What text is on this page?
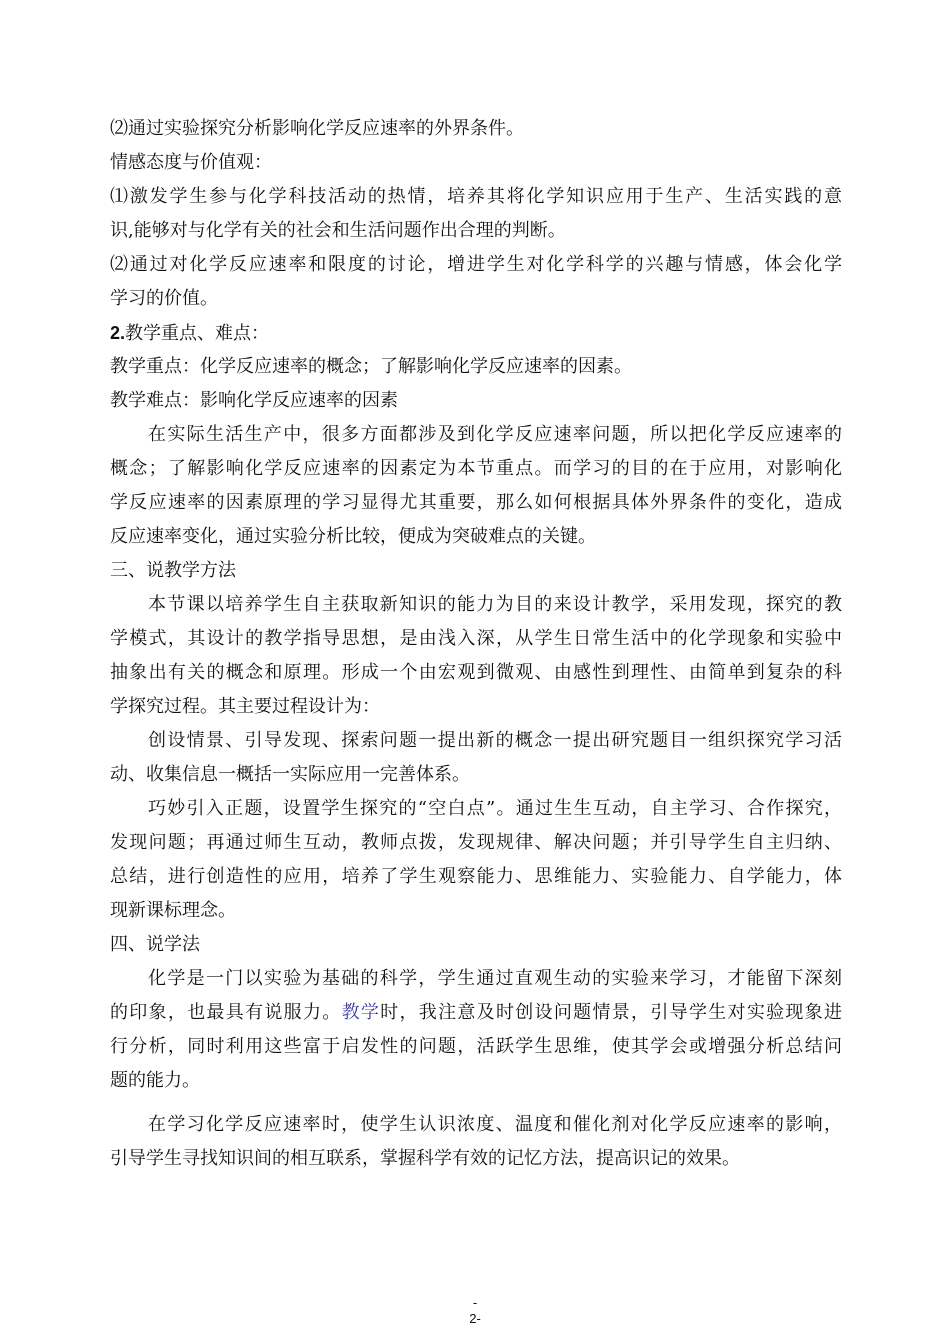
⑵通过实验探究分析影响化学反应速率的外界条件。
情感态度与价值观：
⑴激发学生参与化学科技活动的热情，培养其将化学知识应用于生产、生活实践的意
识,能够对与化学有关的社会和生活问题作出合理的判断。
⑵通过对化学反应速率和限度的讨论，增进学生对化学科学的兴趣与情感，体会化学
学习的价值。
2.教学重点、难点：
教学重点：化学反应速率的概念；了解影响化学反应速率的因素。
教学难点：影响化学反应速率的因素
在实际生活生产中，很多方面都涉及到化学反应速率问题，所以把化学反应速率的
概念；了解影响化学反应速率的因素定为本节重点。而学习的目的在于应用，对影响化
学反应速率的因素原理的学习显得尤其重要，那么如何根据具体外界条件的变化，造成
反应速率变化，通过实验分析比较，便成为突破难点的关键。
三、说教学方法
本节课以培养学生自主获取新知识的能力为目的来设计教学，采用发现，探究的教
学模式，其设计的教学指导思想，是由浅入深，从学生日常生活中的化学现象和实验中
抽象出有关的概念和原理。形成一个由宏观到微观、由感性到理性、由简单到复杂的科
学探究过程。其主要过程设计为：
创设情景、引导发现、探索问题一提出新的概念一提出研究题目一组织探究学习活
动、收集信息一概括一实际应用一完善体系。
巧妙引入正题，设置学生探究的“空白点”。通过生生互动，自主学习、合作探究，
发现问题；再通过师生互动，教师点拨，发现规律、解决问题；并引导学生自主归纳、
总结，进行创造性的应用，培养了学生观察能力、思维能力、实验能力、自学能力，体
现新课标理念。
四、说学法
化学是一门以实验为基础的科学，学生通过直观生动的实验来学习，才能留下深刻
的印象，也最具有说服力。教学时，我注意及时创设问题情景，引导学生对实验现象进
行分析，同时利用这些富于启发性的问题，活跃学生思维，使其学会或增强分析总结问
题的能力。
在学习化学反应速率时，使学生认识浓度、温度和催化剂对化学反应速率的影响，
引导学生寻找知识间的相互联系，掌握科学有效的记忆方法，提高识记的效果。
-
2-
